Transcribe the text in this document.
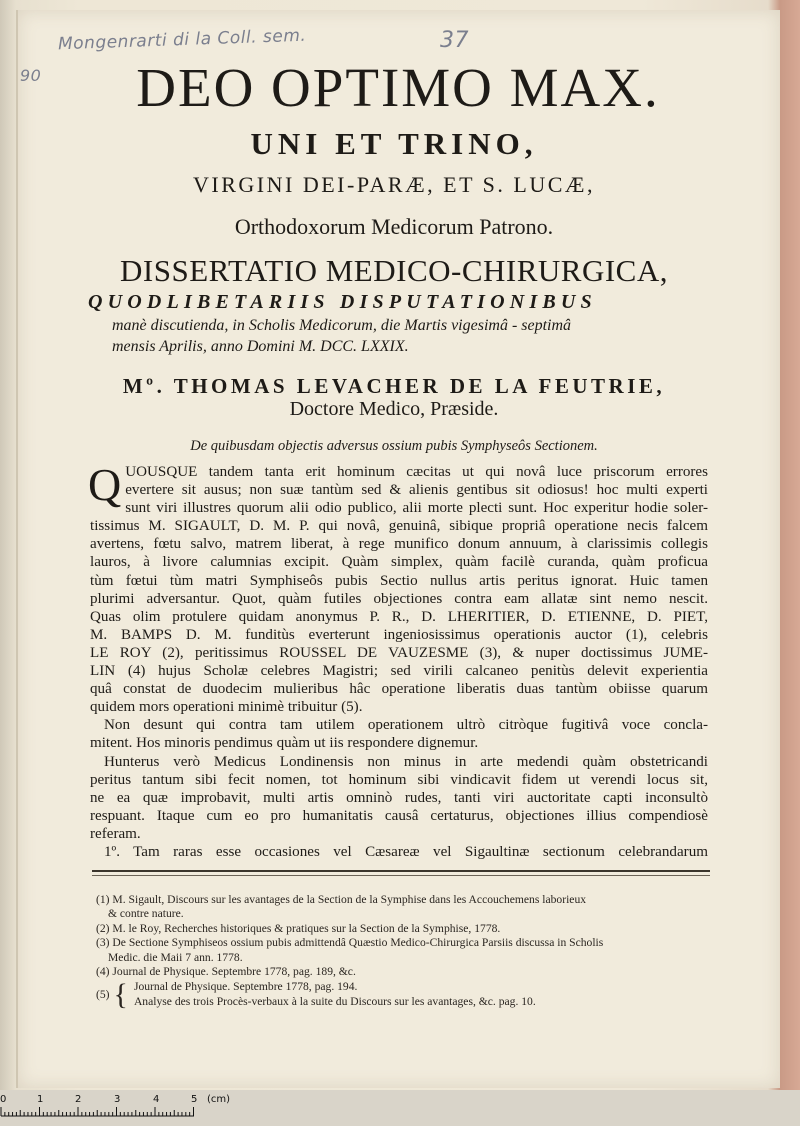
Mongenrarti di la Coll. sem.	37
90	DEO OPTIMO MAX.
UNI ET TRINO,
VIRGINI DEI-PARÆ, ET S. LUCÆ,
Orthodoxorum Medicorum Patrono.
DISSERTATIO MEDICO-CHIRURGICA,
QUODLIBETARIIS DISPUTATIONIBUS
manè discutienda, in Scholis Medicorum, die Martis vigesimâ - septimâ
mensis Aprilis, anno Domini M. DCC. LXXIX.
Mº. THOMAS LEVACHER DE LA FEUTRIE,
Doctore Medico, Præside.
De quibusdam objectis adversus ossium pubis Symphyseôs Sectionem.
Q UOUSQUE tandem tanta erit hominum cæcitas ut qui novâ luce priscorum errores
evertere sit ausus; non suæ tantùm sed & alienis gentibus sit odiosus! hoc multi experti
sunt viri illustres quorum alii odio publico, alii morte plecti sunt. Hoc experitur hodie soler-
tissimus M. SIGAULT, D. M. P. qui novâ, genuinâ, sibique propriâ operatione necis falcem
avertens, fœtu salvo, matrem liberat, à rege munifico donum annuum, à clarissimis collegis
lauros, à livore calumnias excipit. Quàm simplex, quàm facilè curanda, quàm proficua
tùm fœtui tùm matri Symphiseôs pubis Sectio nullus artis peritus ignorat. Huic tamen
plurimi adversantur. Quot, quàm futiles objectiones contra eam allatæ sint nemo nescit.
Quas olim protulere quidam anonymus P. R., D. LHERITIER, D. ETIENNE, D. PIET,
M. BAMPS D. M. funditùs everterunt ingeniosissimus operationis auctor (1), celebris
LE ROY (2), peritissimus ROUSSEL DE VAUZESME (3), & nuper doctissimus JUME-
LIN (4) hujus Scholæ celebres Magistri; sed virili calcaneo penitùs delevit experientia
quâ constat de duodecim mulieribus hâc operatione liberatis duas tantùm obiisse quarum
quidem mors operationi minimè tribuitur (5).
Non desunt qui contra tam utilem operationem ultrò citròque fugitivâ voce concla-
mitent. Hos minoris pendimus quàm ut iis respondere dignemur.
Hunterus verò Medicus Londinensis non minus in arte medendi quàm obstetricandi
peritus tantum sibi fecit nomen, tot hominum sibi vindicavit fidem ut verendi locus sit,
ne ea quæ improbavit, multi artis omninò rudes, tanti viri auctoritate capti inconsultò
respuant. Itaque cum eo pro humanitatis causâ certaturus, objectiones illius compendiosè
referam.
1º. Tam raras esse occasiones vel Cæsareæ vel Sigaultinæ sectionum celebrandarum
(1) M. Sigault, Discours sur les avantages de la Section de la Symphise dans les Accouchemens laborieux
& contre nature.
(2) M. le Roy, Recherches historiques & pratiques sur la Section de la Symphise, 1778.
(3) De Sectione Symphiseos ossium pubis admittendâ Quæstio Medico-Chirurgica Parsiis discussa in Scholis
Medic. die Maii 7 ann. 1778.
(4) Journal de Physique. Septembre 1778, pag. 189, &c.
(5) { Journal de Physique. Septembre 1778, pag. 194.
Analyse des trois Procès-verbaux à la suite du Discours sur les avantages, &c. pag. 10.
0	1	2	3	4	5 (cm)
